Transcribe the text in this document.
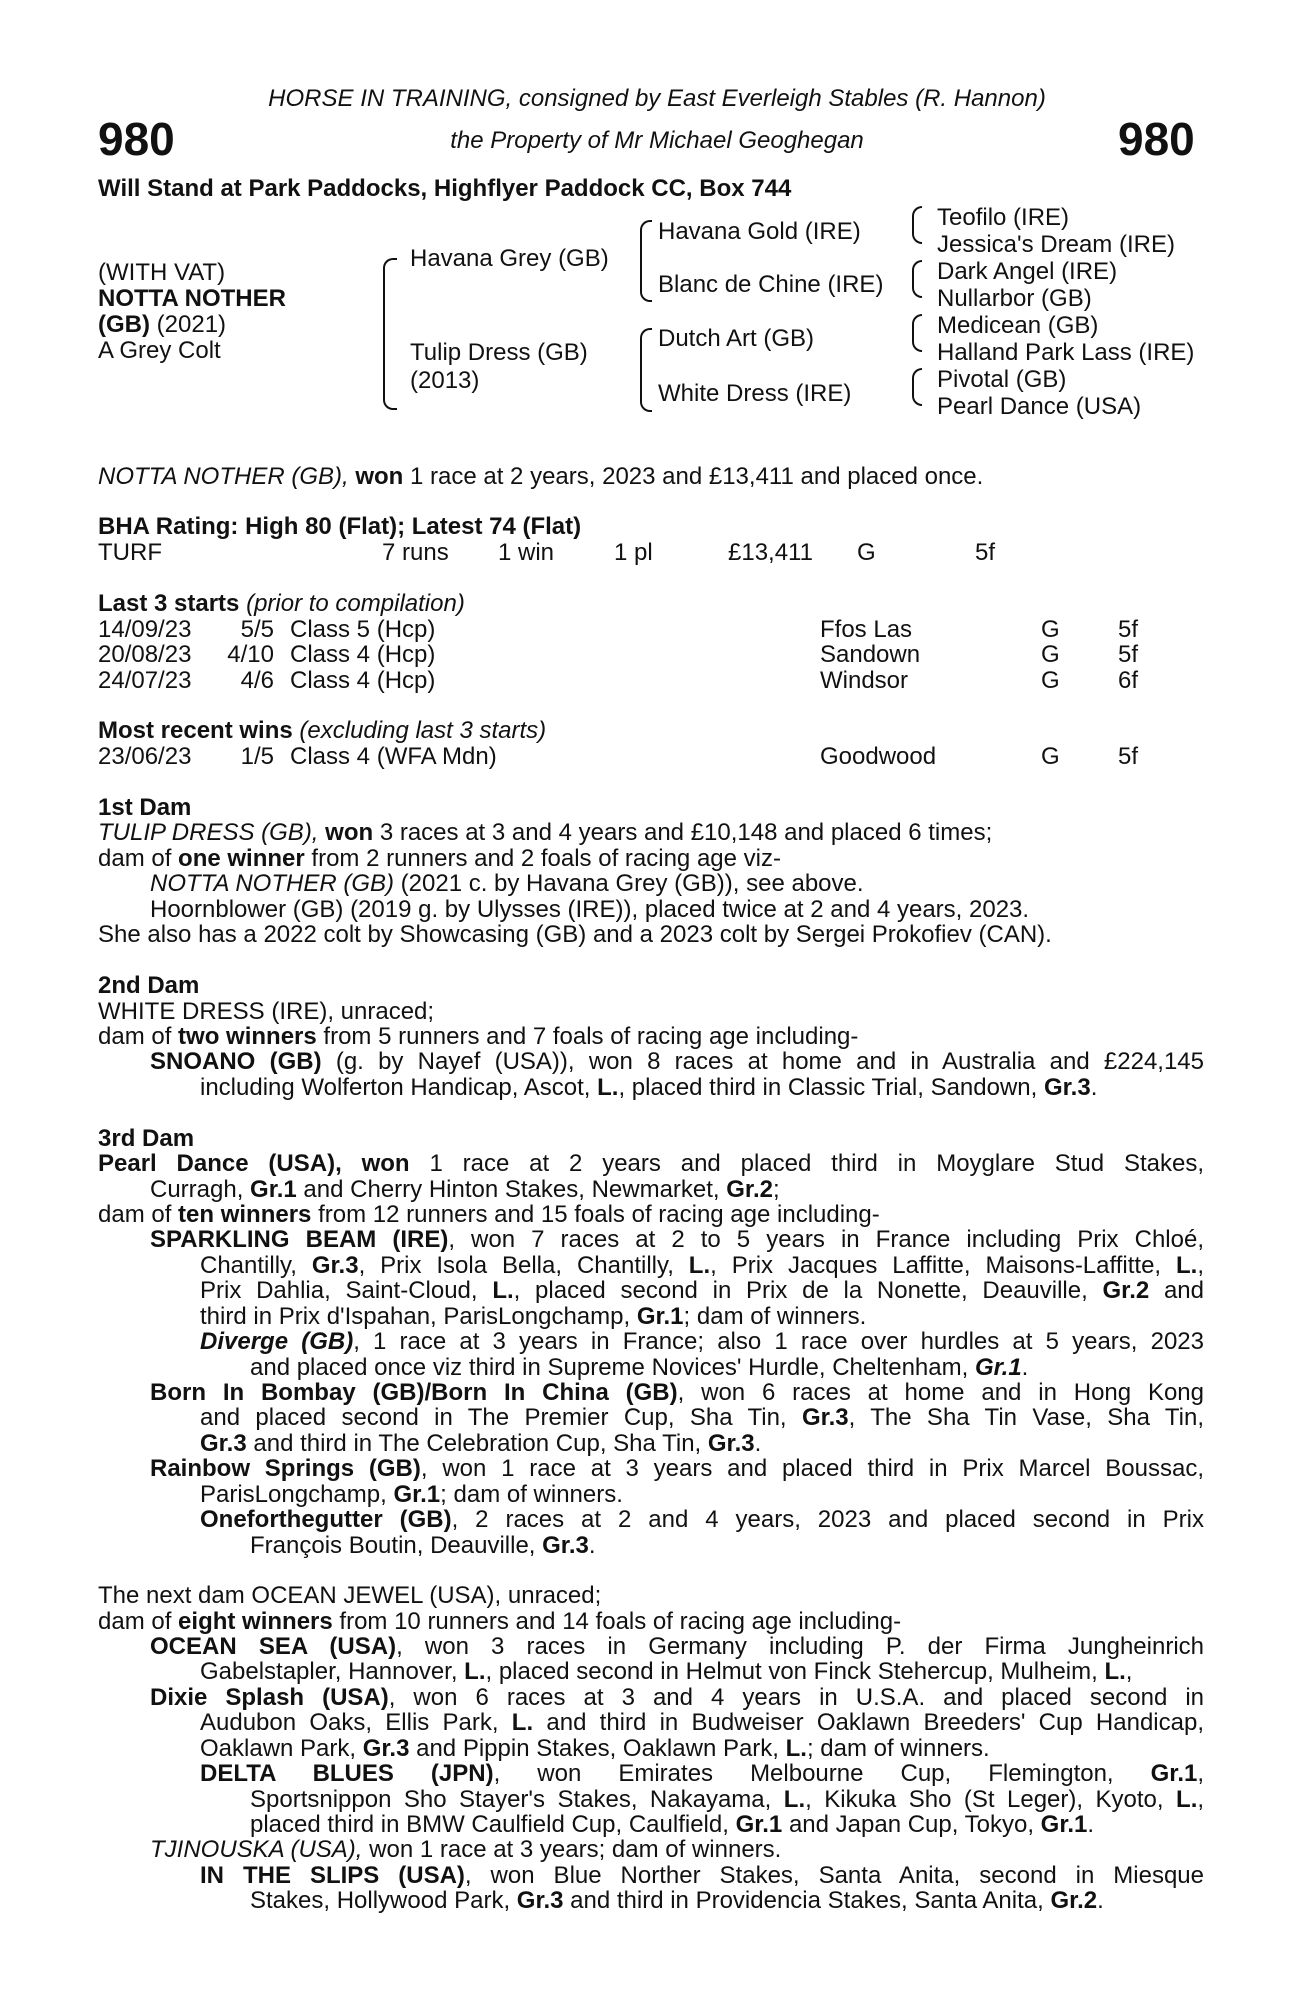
980	980
HORSE IN TRAINING, consigned by East Everleigh Stables (R. Hannon)
the Property of Mr Michael Geoghegan
Will Stand at Park Paddocks, Highflyer Paddock CC, Box 744
(WITH VAT)
NOTTA NOTHER
(GB) (2021)
A Grey Colt
Havana Grey (GB)
Tulip Dress (GB)
(2013)
Havana Gold (IRE)
Blanc de Chine (IRE)
Dutch Art (GB)
White Dress (IRE)
Teofilo (IRE)
Jessica's Dream (IRE)
Dark Angel (IRE)
Nullarbor (GB)
Medicean (GB)
Halland Park Lass (IRE)
Pivotal (GB)
Pearl Dance (USA)
NOTTA NOTHER (GB), won 1 race at 2 years, 2023 and £13,411 and placed once.
BHA Rating: High 80 (Flat); Latest 74 (Flat)
TURF	7 runs 1 win 1 pl	£13,411 G	5f
Last 3 starts (prior to compilation)
14/09/23	5/5 Class 5 (Hcp)	Ffos Las	G 5f
20/08/23	4/10 Class 4 (Hcp)	Sandown	G 5f
24/07/23	4/6 Class 4 (Hcp)	Windsor	G 6f
Most recent wins (excluding last 3 starts)
23/06/23	1/5 Class 4 (WFA Mdn)	Goodwood	G 5f
1st Dam
TULIP DRESS (GB), won 3 races at 3 and 4 years and £10,148 and placed 6 times;
dam of one winner from 2 runners and 2 foals of racing age viz-
NOTTA NOTHER (GB) (2021 c. by Havana Grey (GB)), see above.
Hoornblower (GB) (2019 g. by Ulysses (IRE)), placed twice at 2 and 4 years, 2023.
She also has a 2022 colt by Showcasing (GB) and a 2023 colt by Sergei Prokofiev (CAN).
2nd Dam
WHITE DRESS (IRE), unraced;
dam of two winners from 5 runners and 7 foals of racing age including-
SNOANO (GB) (g. by Nayef (USA)), won 8 races at home and in Australia and £224,145
including Wolferton Handicap, Ascot, L., placed third in Classic Trial, Sandown, Gr.3.
3rd Dam
Pearl Dance (USA), won 1 race at 2 years and placed third in Moyglare Stud Stakes,
Curragh, Gr.1 and Cherry Hinton Stakes, Newmarket, Gr.2;
dam of ten winners from 12 runners and 15 foals of racing age including-
SPARKLING BEAM (IRE), won 7 races at 2 to 5 years in France including Prix Chloé,
Chantilly, Gr.3, Prix Isola Bella, Chantilly, L., Prix Jacques Laffitte, Maisons-Laffitte, L.,
Prix Dahlia, Saint-Cloud, L., placed second in Prix de la Nonette, Deauville, Gr.2 and
third in Prix d'Ispahan, ParisLongchamp, Gr.1; dam of winners.
Diverge (GB), 1 race at 3 years in France; also 1 race over hurdles at 5 years, 2023
and placed once viz third in Supreme Novices' Hurdle, Cheltenham, Gr.1.
Born In Bombay (GB)/Born In China (GB), won 6 races at home and in Hong Kong
and placed second in The Premier Cup, Sha Tin, Gr.3, The Sha Tin Vase, Sha Tin,
Gr.3 and third in The Celebration Cup, Sha Tin, Gr.3.
Rainbow Springs (GB), won 1 race at 3 years and placed third in Prix Marcel Boussac,
ParisLongchamp, Gr.1; dam of winners.
Oneforthegutter (GB), 2 races at 2 and 4 years, 2023 and placed second in Prix
François Boutin, Deauville, Gr.3.
The next dam OCEAN JEWEL (USA), unraced;
dam of eight winners from 10 runners and 14 foals of racing age including-
OCEAN SEA (USA), won 3 races in Germany including P. der Firma Jungheinrich
Gabelstapler, Hannover, L., placed second in Helmut von Finck Stehercup, Mulheim, L.,
Dixie Splash (USA), won 6 races at 3 and 4 years in U.S.A. and placed second in
Audubon Oaks, Ellis Park, L. and third in Budweiser Oaklawn Breeders' Cup Handicap,
Oaklawn Park, Gr.3 and Pippin Stakes, Oaklawn Park, L.; dam of winners.
DELTA BLUES (JPN), won Emirates Melbourne Cup, Flemington, Gr.1,
Sportsnippon Sho Stayer's Stakes, Nakayama, L., Kikuka Sho (St Leger), Kyoto, L.,
placed third in BMW Caulfield Cup, Caulfield, Gr.1 and Japan Cup, Tokyo, Gr.1.
TJINOUSKA (USA), won 1 race at 3 years; dam of winners.
IN THE SLIPS (USA), won Blue Norther Stakes, Santa Anita, second in Miesque
Stakes, Hollywood Park, Gr.3 and third in Providencia Stakes, Santa Anita, Gr.2.
